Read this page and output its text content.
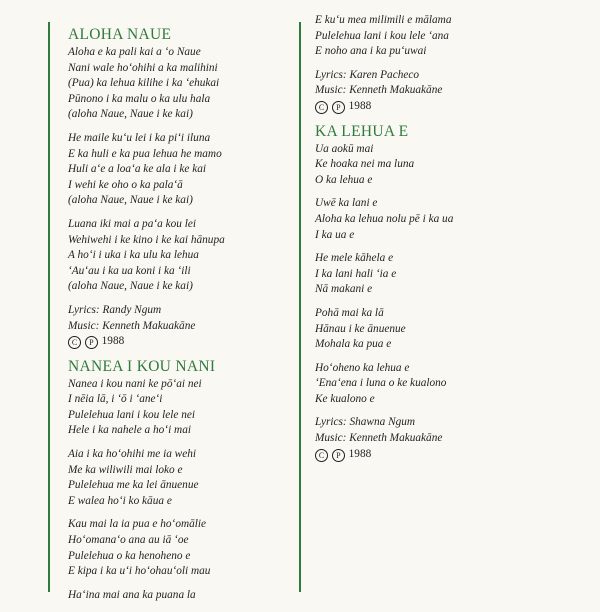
ALOHA NAUE
Aloha e ka pali kai a ʻo Naue
Nani wale hoʻohihi a ka malihini
(Pua) ka lehua kilihe i ka ʻehukai
Pūnono i ka malu o ka ulu hala
(aloha Naue, Naue i ke kai)
He maile kuʻu lei i ka piʻi iluna
E ka huli e ka pua lehua he mamo
Huli aʻe a loaʻa ke ala i ke kai
I wehi ke oho o ka palaʻā
(aloha Naue, Naue i ke kai)
Luana iki mai a paʻa kou lei
Wehiwehi i ke kino i ke kai hānupa
A hoʻi i uka i ka ulu ka lehua
ʻAuʻau i ka ua koni i ka ʻili
(aloha Naue, Naue i ke kai)
Lyrics: Randy Ngum
Music: Kenneth Makuakāne
C P 1988
NANEA I KOU NANI
Nanea i kou nani ke pōʻai nei
I nēia lā, i ʻō i ʻaneʻi
Pulelehua lani i kou lele nei
Hele i ka nahele a hoʻi mai
Aia i ka hoʻohihi me ia wehi
Me ka wiliwili mai loko e
Pulelehua me ka lei ānuenue
E walea hoʻi ko kāua e
Kau mai la ia pua e hoʻomālie
Hoʻomanaʻo ana au iā ʻoe
Pulelehua o ka henoheno e
E kipa i ka uʻi hoʻohauʻoli mau
Haʻina mai ana ka puana la
E kuʻu mea milimili e mālama
Pulelehua lani i kou lele ʻana
E noho ana i ka puʻuwai
Lyrics: Karen Pacheco
Music: Kenneth Makuakāne
C P 1988
KA LEHUA E
Ua aokū mai
Ke hoaka nei ma luna
O ka lehua e
Uwē ka lani e
Aloha ka lehua nolu pē i ka ua
I ka ua e
He mele kāhela e
I ka lani hali ʻia e
Nā makani e
Pohā mai ka lā
Hānau i ke ānuenue
Mohala ka pua e
Hoʻoheno ka lehua e
ʻEnaʻena i luna o ke kualono
Ke kualono e
Lyrics: Shawna Ngum
Music: Kenneth Makuakāne
C P 1988
